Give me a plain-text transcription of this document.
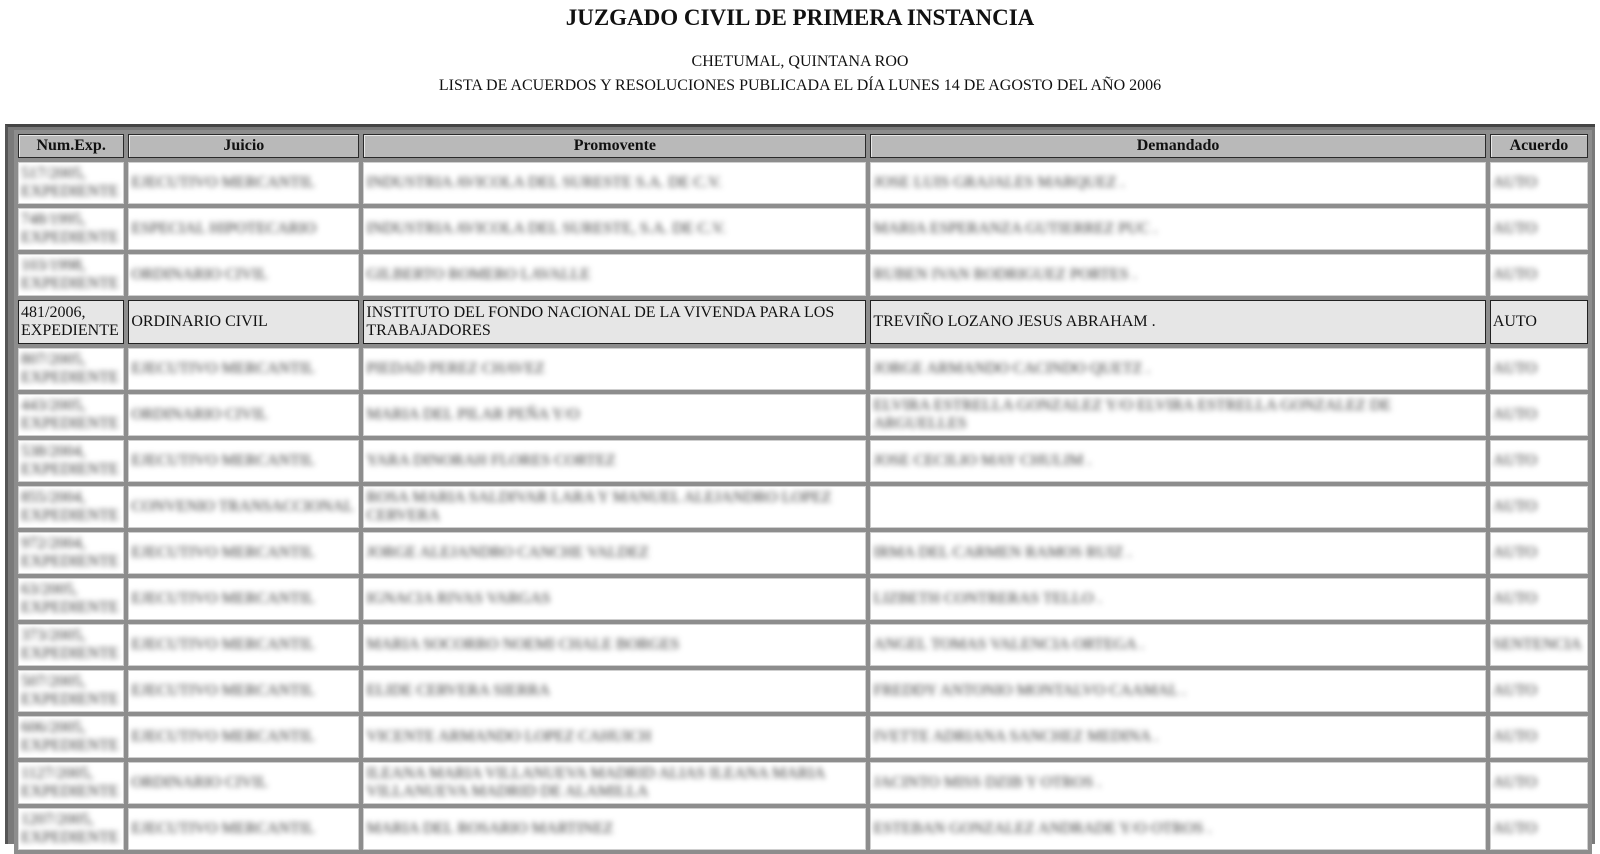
JUZGADO CIVIL DE PRIMERA INSTANCIA

CHETUMAL, QUINTANA ROO

LISTA DE ACUERDOS Y RESOLUCIONES PUBLICADA EL DÍA LUNES 14 DE AGOSTO DEL AÑO 2006

Num.Exp.	Juicio	Promovente	Demandado	Acuerdo

517/2005, EXPEDIENTE	EJECUTIVO MERCANTIL	INDUSTRIA AVICOLA DEL SURESTE S.A. DE C.V.	JOSE LUIS GRAJALES MARQUEZ .	AUTO

748/1995, EXPEDIENTE	ESPECIAL HIPOTECARIO	INDUSTRIA AVICOLA DEL SURESTE, S.A. DE C.V.	MARIA ESPERANZA GUTIERREZ PUC .	AUTO

103/1998, EXPEDIENTE	ORDINARIO CIVIL	GILBERTO ROMERO LAVALLE	RUBEN IVAN RODRIGUEZ PORTES .	AUTO

481/2006, EXPEDIENTE	ORDINARIO CIVIL	INSTITUTO DEL FONDO NACIONAL DE LA VIVENDA PARA LOS TRABAJADORES	TREVIÑO LOZANO JESUS ABRAHAM .	AUTO

807/2005, EXPEDIENTE	EJECUTIVO MERCANTIL	PIEDAD PEREZ CHAVEZ	JORGE ARMANDO CACINDO QUETZ .	AUTO

443/2005, EXPEDIENTE	ORDINARIO CIVIL	MARIA DEL PILAR PEÑA Y/O	ELVIRA ESTRELLA GONZALEZ Y/O ELVIRA ESTRELLA GONZALEZ DE ARGUELLES	AUTO

538/2004, EXPEDIENTE	EJECUTIVO MERCANTIL	YARA DINORAH FLORES CORTEZ	JOSE CECILIO MAY CHULIM .	AUTO

855/2004, EXPEDIENTE	CONVENIO TRANSACCIONAL	ROSA MARIA SALDIVAR LARA Y MANUEL ALEJANDRO LOPEZ CERVERA		AUTO

972/2004, EXPEDIENTE	EJECUTIVO MERCANTIL	JORGE ALEJANDRO CANCHE VALDEZ	IRMA DEL CARMEN RAMOS RUIZ .	AUTO

63/2005, EXPEDIENTE	EJECUTIVO MERCANTIL	IGNACIA RIVAS VARGAS	LIZBETH CONTRERAS TELLO .	AUTO

373/2005, EXPEDIENTE	EJECUTIVO MERCANTIL	MARIA SOCORRO NOEMI CHALE BORGES	ANGEL TOMAS VALENCIA ORTEGA .	SENTENCIA

507/2005, EXPEDIENTE	EJECUTIVO MERCANTIL	ELIDE CERVERA SIERRA	FREDDY ANTONIO MONTALVO CAAMAL .	AUTO

606/2005, EXPEDIENTE	EJECUTIVO MERCANTIL	VICENTE ARMANDO LOPEZ CAHUICH	IVETTE ADRIANA SANCHEZ MEDINA .	AUTO

1127/2005, EXPEDIENTE	ORDINARIO CIVIL	ILEANA MARIA VILLANUEVA MADRID ALIAS ILEANA MARIA VILLANUEVA MADRID DE ALAMILLA	JACINTO MISS DZIB Y OTROS .	AUTO

1207/2005, EXPEDIENTE	EJECUTIVO MERCANTIL	MARIA DEL ROSARIO MARTINEZ	ESTEBAN GONZALEZ ANDRADE Y/O OTROS .	AUTO
